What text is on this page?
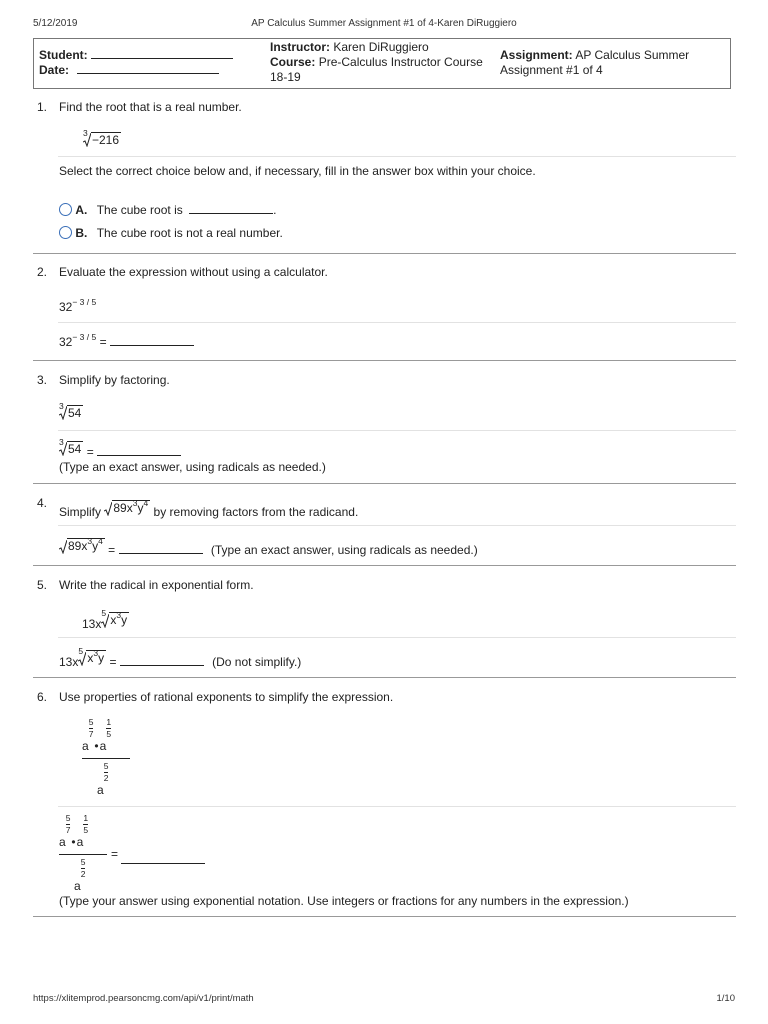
5/12/2019	AP Calculus Summer Assignment #1 of 4-Karen DiRuggiero
Student:
Date:
Instructor: Karen DiRuggiero
Course: Pre-Calculus Instructor Course
18-19
Assignment: AP Calculus Summer
Assignment #1 of 4
1. Find the root that is a real number.
3 −216
Select the correct choice below and, if necessary, fill in the answer box within your choice.
A. The cube root is	.
B. The cube root is not a real number.
2. Evaluate the expression without using a calculator.
$32^{- 3 / 5}$
$32^{- 3 / 5}$ =
3. Simplify by factoring.
3 54
3 54 =
(Type an exact answer, using radicals as needed.)
4.
Simplify $89x^3y^4$
by removing factors from the radicand.
$89x^3y^4$
=	(Type an exact answer, using radicals as needed.)
5. Write the radical in exponential form.
13x
5 $x^3y$
13x
5 $x^3y$ =	(Do not simplify.)
6. Use properties of rational exponents to simplify the expression.
$a\frac{5}{7}•a\frac{1}{5}$
$a\frac{5}{2}$
$a\frac{5}{7}•a\frac{1}{5}$
$a\frac{5}{2}$
=
(Type your answer using exponential notation. Use integers or fractions for any numbers in the expression.)
https://xlitemprod.pearsoncmg.com/api/v1/print/math	1/10
